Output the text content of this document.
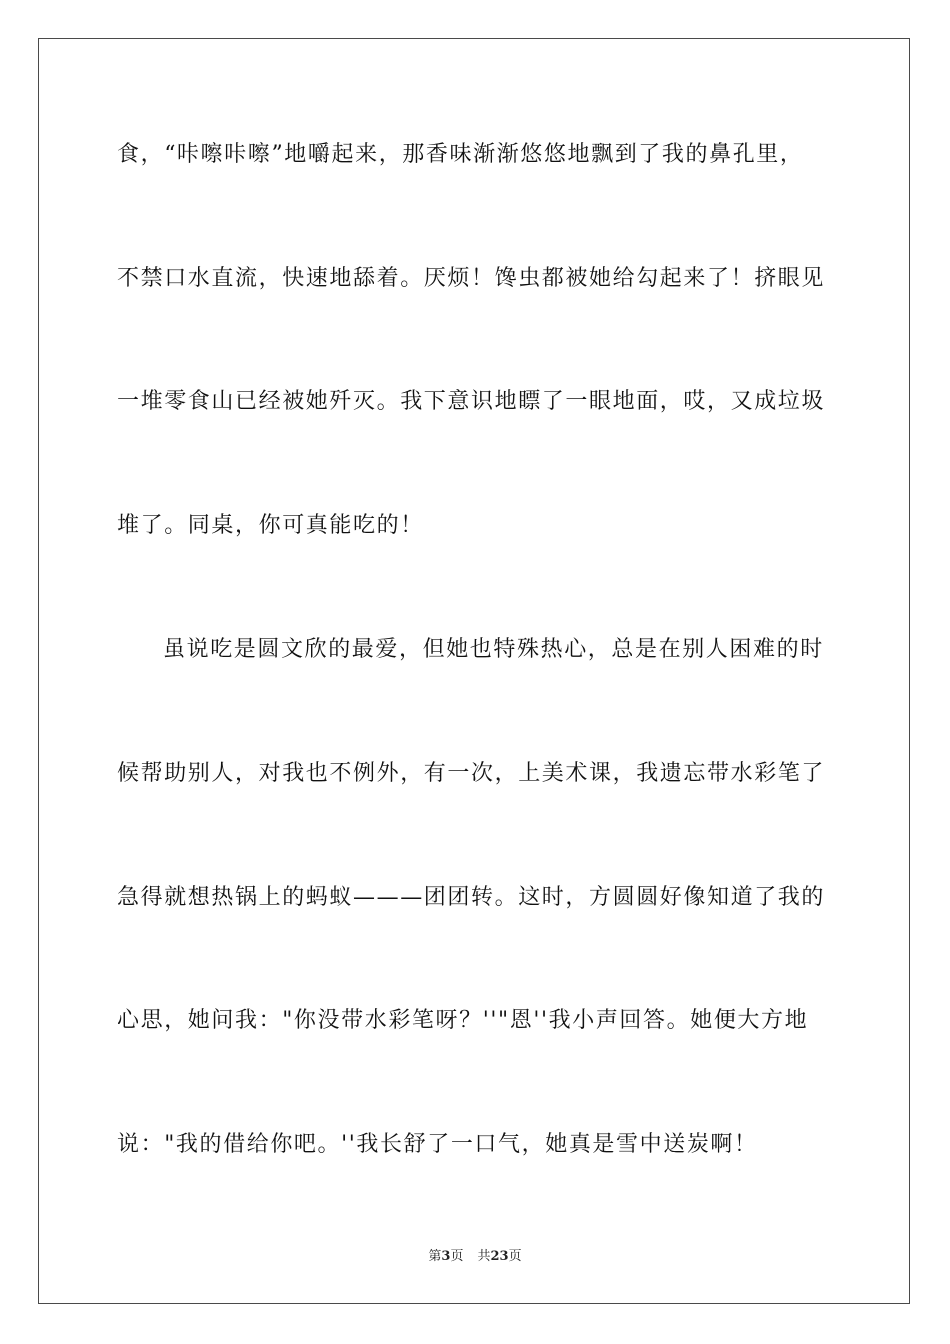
食，“咔嚓咔嚓”地嚼起来，那香味渐渐悠悠地飘到了我的鼻孔里，
不禁口水直流，快速地舔着。厌烦！馋虫都被她给勾起来了！挤眼见
一堆零食山已经被她歼灭。我下意识地瞟了一眼地面，哎，又成垃圾
堆了。同桌，你可真能吃的！
虽说吃是圆文欣的最爱，但她也特殊热心，总是在别人困难的时
候帮助别人，对我也不例外，有一次，上美术课，我遗忘带水彩笔了
急得就想热锅上的蚂蚁———团团转。这时，方圆圆好像知道了我的
心思，她问我："你没带水彩笔呀？''"恩''我小声回答。她便大方地
说："我的借给你吧。''我长舒了一口气，她真是雪中送炭啊！
第3页 共23页
